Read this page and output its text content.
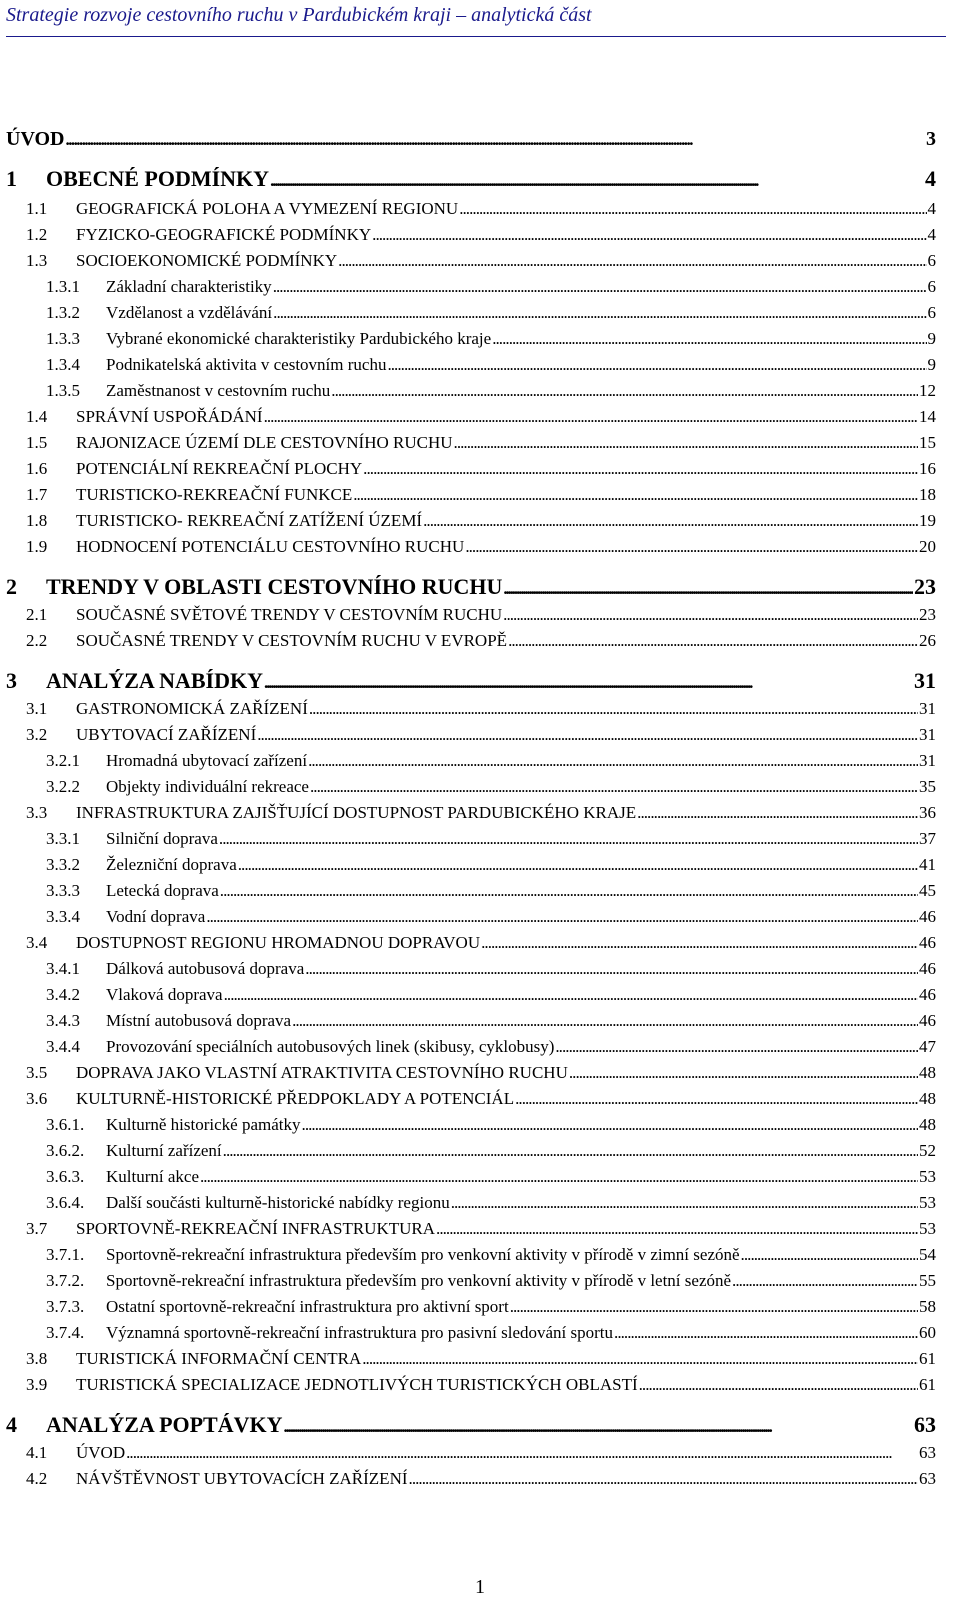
Strategie rozvoje cestovního ruchu v Pardubickém kraji – analytická část
ÚVOD . . .	3
1	OBECNÉ PODMÍNKY . . .	4
1.1	GEOGRAFICKÁ POLOHA A VYMEZENÍ REGIONU . . .	4
1.2	FYZICKO-GEOGRAFICKÉ PODMÍNKY . . .	4
1.3	SOCIOEKONOMICKÉ PODMÍNKY . . .	6
1.3.1	Základní charakteristiky . . .	6
1.3.2	Vzdělanost a vzdělávání . . .	6
1.3.3	Vybrané ekonomické charakteristiky Pardubického kraje . . .	9
1.3.4	Podnikatelská aktivita v cestovním ruchu . . .	9
1.3.5	Zaměstnanost v cestovním ruchu . . .	12
1.4	SPRÁVNÍ USPOŘÁDÁNÍ . . .	14
1.5	RAJONIZACE ÚZEMÍ DLE CESTOVNÍHO RUCHU . . .	15
1.6	POTENCIÁLNÍ REKREAČNÍ PLOCHY . . .	16
1.7	TURISTICKO-REKREAČNÍ FUNKCE . . .	18
1.8	TURISTICKO- REKREAČNÍ ZATÍŽENÍ ÚZEMÍ . . .	19
1.9	HODNOCENÍ POTENCIÁLU CESTOVNÍHO RUCHU . . .	20
2	TRENDY V OBLASTI CESTOVNÍHO RUCHU . . .	23
2.1	SOUČASNÉ SVĚTOVÉ TRENDY V CESTOVNÍM RUCHU . . .	23
2.2	SOUČASNÉ TRENDY V CESTOVNÍM RUCHU V EVROPĚ . . .	26
3	ANALÝZA NABÍDKY . . .	31
3.1	GASTRONOMICKÁ ZAŘÍZENÍ . . .	31
3.2	UBYTOVACÍ ZAŘÍZENÍ . . .	31
3.2.1	Hromadná ubytovací zařízení . . .	31
3.2.2	Objekty individuální rekreace . . .	35
3.3	INFRASTRUKTURA ZAJIŠŤUJÍCÍ DOSTUPNOST PARDUBICKÉHO KRAJE . . .	36
3.3.1	Silniční doprava . . .	37
3.3.2	Železniční doprava . . .	41
3.3.3	Letecká doprava . . .	45
3.3.4	Vodní doprava . . .	46
3.4	DOSTUPNOST REGIONU HROMADNOU DOPRAVOU . . .	46
3.4.1	Dálková autobusová doprava . . .	46
3.4.2	Vlaková doprava . . .	46
3.4.3	Místní autobusová doprava . . .	46
3.4.4	Provozování speciálních autobusových linek (skibusy, cyklobusy) . . .	47
3.5	DOPRAVA JAKO VLASTNÍ ATRAKTIVITA CESTOVNÍHO RUCHU . . .	48
3.6	KULTURNĚ-HISTORICKÉ PŘEDPOKLADY A POTENCIÁL . . .	48
3.6.1.	Kulturně historické památky . . .	48
3.6.2.	Kulturní zařízení . . .	52
3.6.3.	Kulturní akce . . .	53
3.6.4.	Další součásti kulturně-historické nabídky regionu . . .	53
3.7	SPORTOVNĚ-REKREAČNÍ INFRASTRUKTURA . . .	53
3.7.1.	Sportovně-rekreační infrastruktura především pro venkovní aktivity v přírodě v zimní sezóně . . .	54
3.7.2.	Sportovně-rekreační infrastruktura především pro venkovní aktivity v přírodě v letní sezóně . . .	55
3.7.3.	Ostatní sportovně-rekreační infrastruktura pro aktivní sport . . .	58
3.7.4.	Významná sportovně-rekreační infrastruktura pro pasivní sledování sportu . . .	60
3.8	TURISTICKÁ INFORMAČNÍ CENTRA . . .	61
3.9	TURISTICKÁ SPECIALIZACE JEDNOTLIVÝCH TURISTICKÝCH OBLASTÍ . . .	61
4	ANALÝZA POPTÁVKY . . .	63
4.1	ÚVOD . . .	63
4.2	NÁVŠTĚVNOST UBYTOVACÍCH ZAŘÍZENÍ . . .	63
1
